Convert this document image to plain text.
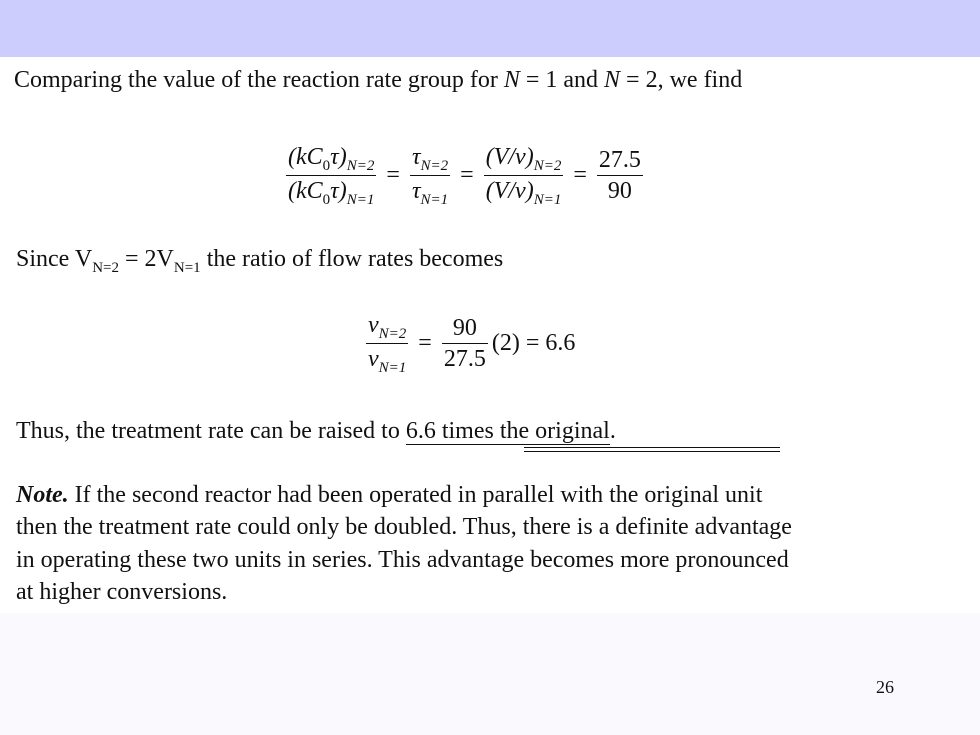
Comparing the value of the reaction rate group for N = 1 and N = 2, we find
$\frac{(kC_0\tau)_{N=2}}{(kC_0\tau)_{N=1}} = \frac{\tau_{N=2}}{\tau_{N=1}} = \frac{(V/v)_{N=2}}{(V/v)_{N=1}} = \frac{27.5}{90}$
Since $V_{N=2} = 2V_{N=1}$ the ratio of flow rates becomes
$\frac{v_{N=2}}{v_{N=1}} = \frac{90}{27.5} (2) = 6.6$
Thus, the treatment rate can be raised to 6.6 times the original.
Note. If the second reactor had been operated in parallel with the original unit
then the treatment rate could only be doubled. Thus, there is a definite advantage
in operating these two units in series. This advantage becomes more pronounced
at higher conversions.
26
